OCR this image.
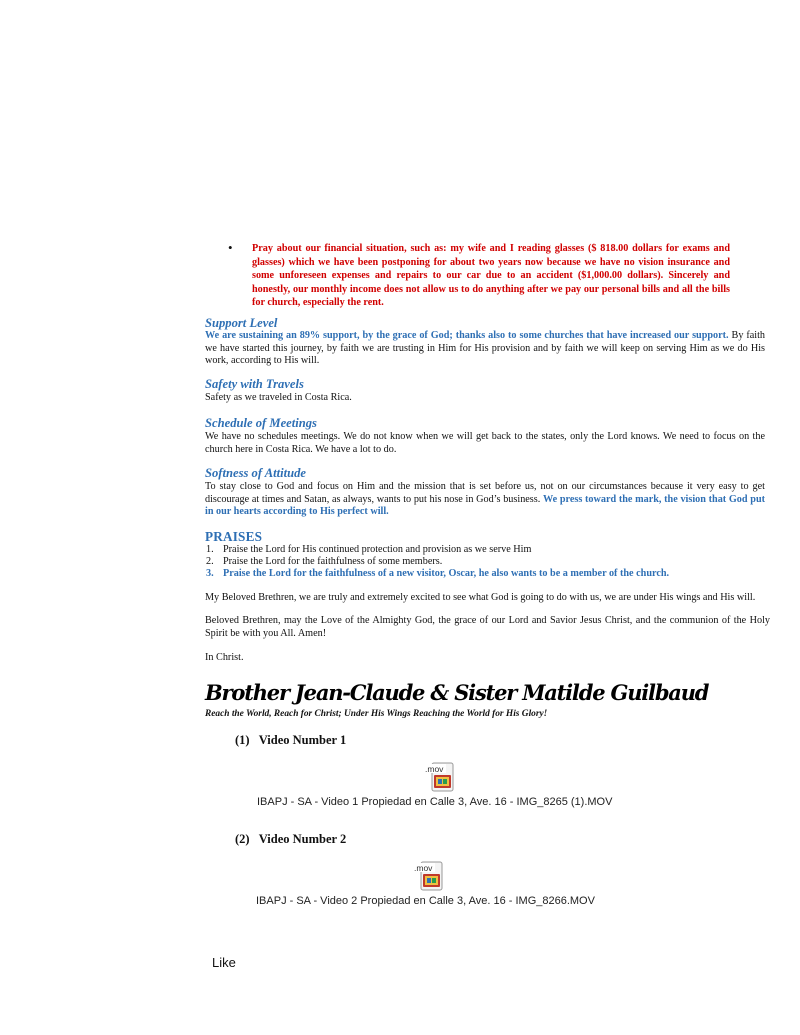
• Pray about our financial situation, such as: my wife and I reading glasses ($ 818.00 dollars for exams and glasses) which we have been postponing for about two years now because we have no vision insurance and some unforeseen expenses and repairs to our car due to an accident ($1,000.00 dollars). Sincerely and honestly, our monthly income does not allow us to do anything after we pay our personal bills and all the bills for church, especially the rent.
Support Level
We are sustaining an 89% support, by the grace of God; thanks also to some churches that have increased our support. By faith we have started this journey, by faith we are trusting in Him for His provision and by faith we will keep on serving Him as we do His work, according to His will.
Safety with Travels
Safety as we traveled in Costa Rica.
Schedule of Meetings
We have no schedules meetings. We do not know when we will get back to the states, only the Lord knows. We need to focus on the church here in Costa Rica. We have a lot to do.
Softness of Attitude
To stay close to God and focus on Him and the mission that is set before us, not on our circumstances because it very easy to get discourage at times and Satan, as always, wants to put his nose in God’s business. We press toward the mark, the vision that God put in our hearts according to His perfect will.
PRAISES
1. Praise the Lord for His continued protection and provision as we serve Him
2. Praise the Lord for the faithfulness of some members.
3. Praise the Lord for the faithfulness of a new visitor, Oscar, he also wants to be a member of the church.
My Beloved Brethren, we are truly and extremely excited to see what God is going to do with us, we are under His wings and His will.
Beloved Brethren, may the Love of the Almighty God, the grace of our Lord and Savior Jesus Christ, and the communion of the Holy Spirit be with you All. Amen!
In Christ.
Brother Jean-Claude & Sister Matilde Guilbaud
Reach the World, Reach for Christ; Under His Wings Reaching the World for His Glory!
(1)   Video Number 1
.mov
IBAPJ - SA - Video 1 Propiedad en Calle 3, Ave. 16 - IMG_8265 (1).MOV
(2)   Video Number 2
.mov
IBAPJ - SA - Video 2 Propiedad en Calle 3, Ave. 16 - IMG_8266.MOV
Like
